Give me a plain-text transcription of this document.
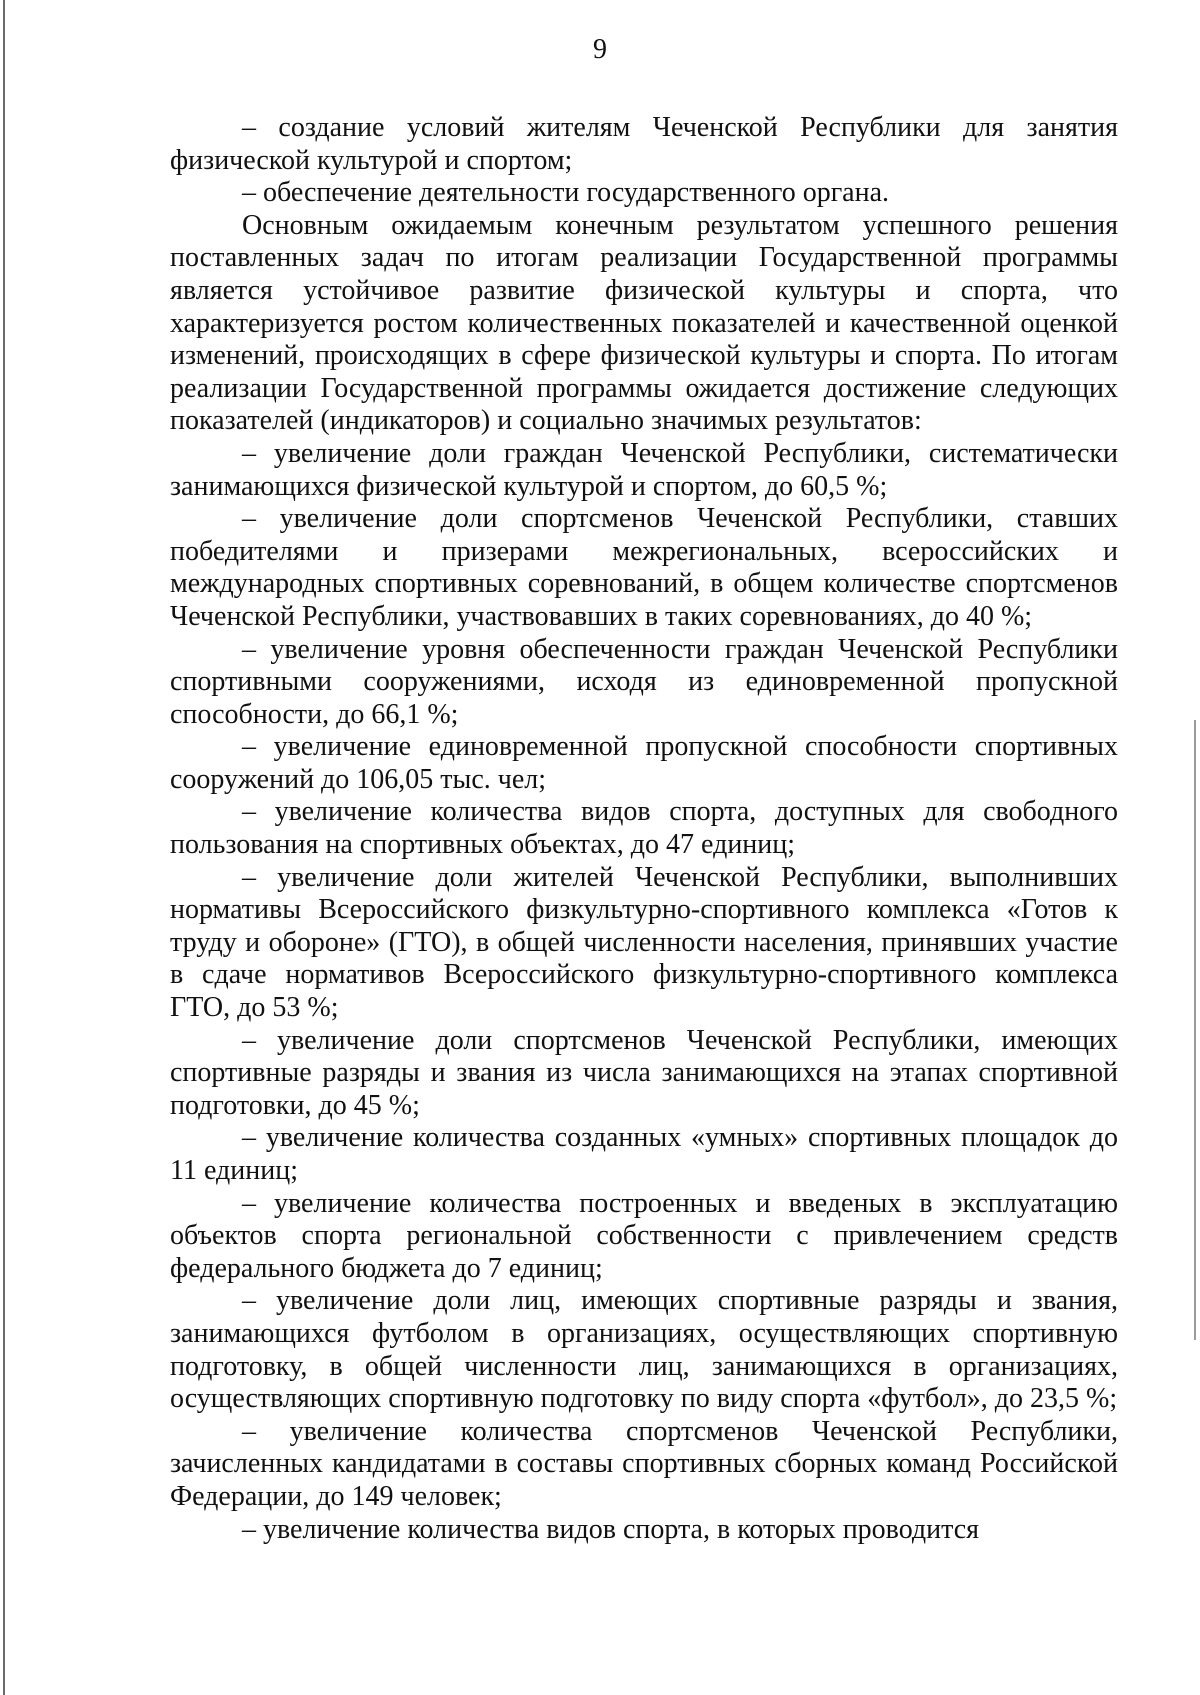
9

– создание условий жителям Чеченской Республики для занятия физической культурой и спортом;

– обеспечение деятельности государственного органа.

Основным ожидаемым конечным результатом успешного решения поставленных задач по итогам реализации Государственной программы является устойчивое развитие физической культуры и спорта, что характеризуется ростом количественных показателей и качественной оценкой изменений, происходящих в сфере физической культуры и спорта. По итогам реализации Государственной программы ожидается достижение следующих показателей (индикаторов) и социально значимых результатов:

– увеличение доли граждан Чеченской Республики, систематически занимающихся физической культурой и спортом, до 60,5 %;

– увеличение доли спортсменов Чеченской Республики, ставших победителями и призерами межрегиональных, всероссийских и международных спортивных соревнований, в общем количестве спортсменов Чеченской Республики, участвовавших в таких соревнованиях, до 40 %;

– увеличение уровня обеспеченности граждан Чеченской Республики спортивными сооружениями, исходя из единовременной пропускной способности, до 66,1 %;

– увеличение единовременной пропускной способности спортивных сооружений до 106,05 тыс. чел;

– увеличение количества видов спорта, доступных для свободного пользования на спортивных объектах, до 47 единиц;

– увеличение доли жителей Чеченской Республики, выполнивших нормативы Всероссийского физкультурно-спортивного комплекса «Готов к труду и обороне» (ГТО), в общей численности населения, принявших участие в сдаче нормативов Всероссийского физкультурно-спортивного комплекса ГТО, до 53 %;

– увеличение доли спортсменов Чеченской Республики, имеющих спортивные разряды и звания из числа занимающихся на этапах спортивной подготовки, до 45 %;

– увеличение количества созданных «умных» спортивных площадок до 11 единиц;

– увеличение количества построенных и введеных в эксплуатацию объектов спорта региональной собственности с привлечением средств федерального бюджета до 7 единиц;

– увеличение доли лиц, имеющих спортивные разряды и звания, занимающихся футболом в организациях, осуществляющих спортивную подготовку, в общей численности лиц, занимающихся в организациях, осуществляющих спортивную подготовку по виду спорта «футбол», до 23,5 %;

– увеличение количества спортсменов Чеченской Республики, зачисленных кандидатами в составы спортивных сборных команд Российской Федерации, до 149 человек;

– увеличение количества видов спорта, в которых проводится
